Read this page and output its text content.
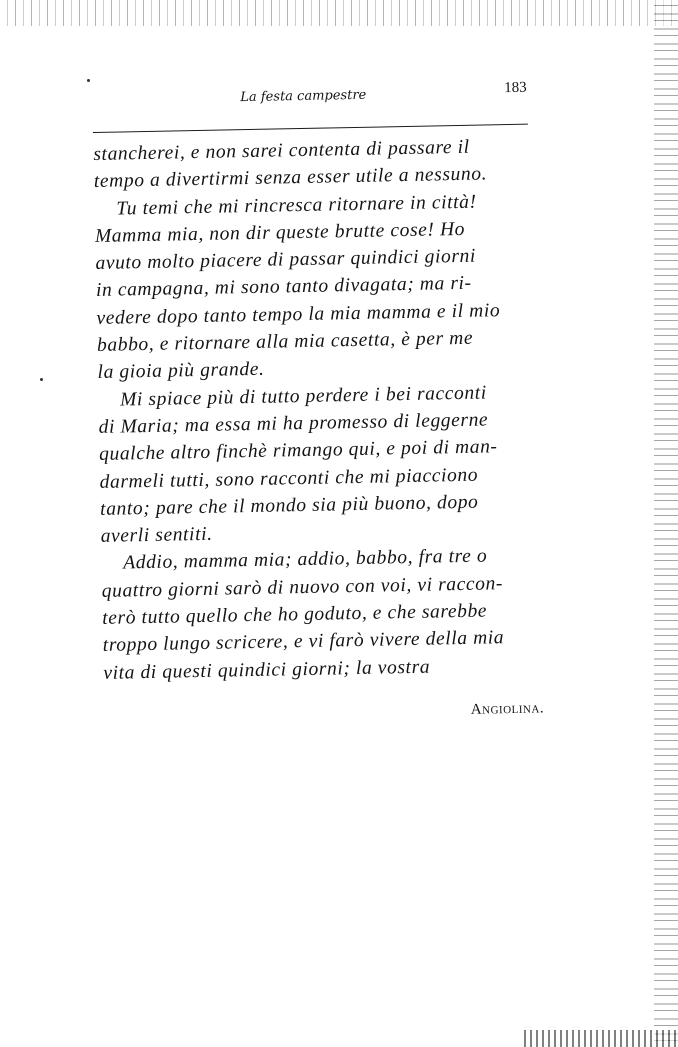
La festa campestre	183

stancherei, e non sarei contenta di passare il
tempo a divertirmi senza esser utile a nessuno.

Tu temi che mi rincresca ritornare in città!
Mamma mia, non dir queste brutte cose! Ho
avuto molto piacere di passar quindici giorni
in campagna, mi sono tanto divagata; ma ri-
vedere dopo tanto tempo la mia mamma e il mio
babbo, e ritornare alla mia casetta, è per me
la gioia più grande.

Mi spiace più di tutto perdere i bei racconti
di Maria; ma essa mi ha promesso di leggerne
qualche altro finchè rimango qui, e poi di man-
darmeli tutti, sono racconti che mi piacciono
tanto; pare che il mondo sia più buono, dopo
averli sentiti.

Addio, mamma mia; addio, babbo, fra tre o
quattro giorni sarò di nuovo con voi, vi raccon-
terò tutto quello che ho goduto, e che sarebbe
troppo lungo scricere, e vi farò vivere della mia
vita di questi quindici giorni; la vostra

Angiolina.
